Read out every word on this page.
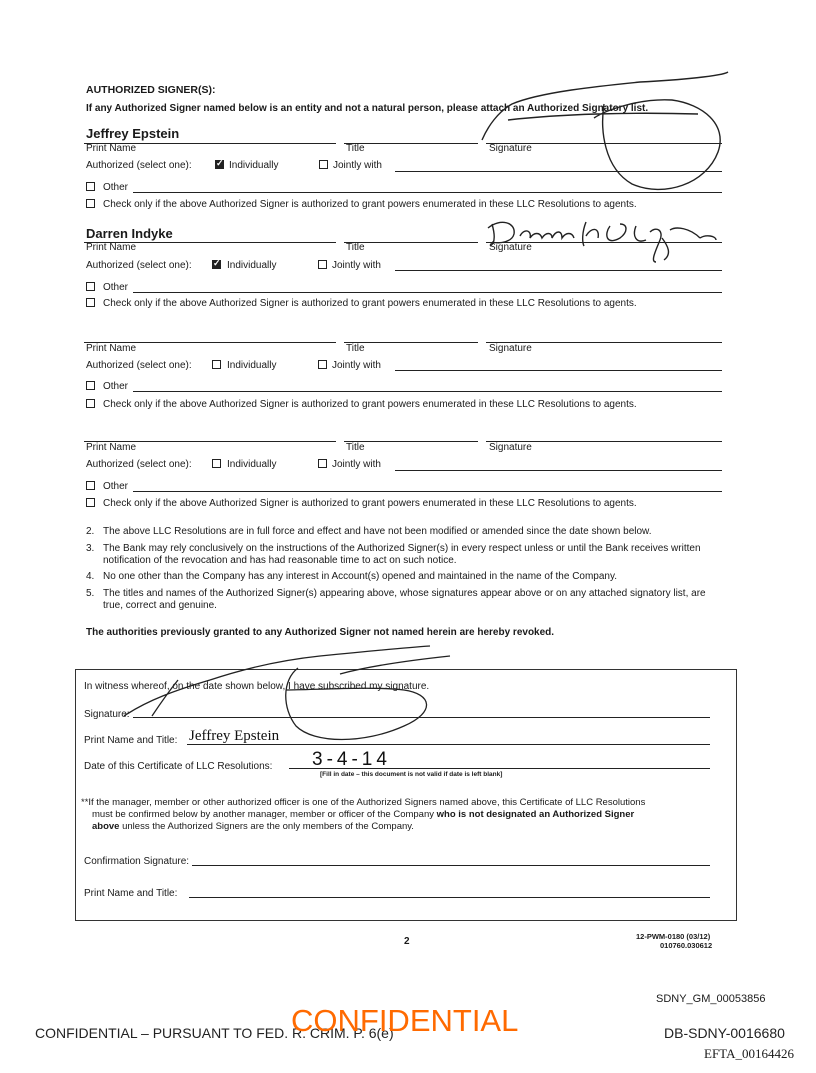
AUTHORIZED SIGNER(S):
If any Authorized Signer named below is an entity and not a natural person, please attach an Authorized Signatory list.
Jeffrey Epstein
Print Name	Title	Signature
Authorized (select one): ✓	Individually	Jointly with
Other
Check only if the above Authorized Signer is authorized to grant powers enumerated in these LLC Resolutions to agents.
Darren Indyke
Print Name	Title	Signature
Authorized (select one): ✓	Individually	Jointly with
Other
Check only if the above Authorized Signer is authorized to grant powers enumerated in these LLC Resolutions to agents.
Print Name	Title	Signature
Authorized (select one):	Individually	Jointly with
Other
Check only if the above Authorized Signer is authorized to grant powers enumerated in these LLC Resolutions to agents.
Print Name	Title	Signature
Authorized (select one):	Individually	Jointly with
Other
Check only if the above Authorized Signer is authorized to grant powers enumerated in these LLC Resolutions to agents.
2. The above LLC Resolutions are in full force and effect and have not been modified or amended since the date shown below.
3. The Bank may rely conclusively on the instructions of the Authorized Signer(s) in every respect unless or until the Bank receives written
notification of the revocation and has had reasonable time to act on such notice.
4. No one other than the Company has any interest in Account(s) opened and maintained in the name of the Company.
5. The titles and names of the Authorized Signer(s) appearing above, whose signatures appear above or on any attached signatory list, are
true, correct and genuine.
The authorities previously granted to any Authorized Signer not named herein are hereby revoked.
In witness whereof, on the date shown below, I have subscribed my signature.
Signature:
Print Name and Title: Jeffrey Epstein
Date of this Certificate of LLC Resolutions: 3-4-14
[Fill in date – this document is not valid if date is left blank]
**If the manager, member or other authorized officer is one of the Authorized Signers named above, this Certificate of LLC Resolutions
must be confirmed below by another manager, member or officer of the Company who is not designated an Authorized Signer
above unless the Authorized Signers are the only members of the Company.
Confirmation Signature:
Print Name and Title:
2	12-PWM-0180 (03/12)
010760.030612
SDNY_GM_00053856
CONFIDENTIAL – PURSUANT TO FED. R. CRIM. P. 6(e)
CONFIDENTIAL	DB-SDNY-0016680
EFTA_00164426
